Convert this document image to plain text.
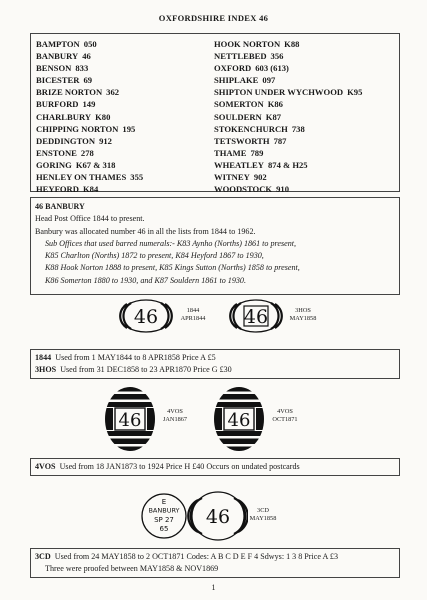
OXFORDSHIRE INDEX 46
BAMPTON 050
BANBURY 46
BENSON 833
BICESTER 69
BRIZE NORTON 362
BURFORD 149
CHARLBURY K80
CHIPPING NORTON 195
DEDDINGTON 912
ENSTONE 278
GORING K67 & 318
HENLEY ON THAMES 355
HEYFORD K84
HOOK NORTON K88
NETTLEBED 356
OXFORD 603 (613)
SHIPLAKE 097
SHIPTON UNDER WYCHWOOD K95
SOMERTON K86
SOULDERN K87
STOKENCHURCH 738
TETSWORTH 787
THAME 789
WHEATLEY 874 & H25
WITNEY 902
WOODSTOCK 910
46 BANBURY
Head Post Office 1844 to present.
Banbury was allocated number 46 in all the lists from 1844 to 1962.
Sub Offices that used barred numerals:- K83 Aynho (Norths) 1861 to present,
K85 Charlton (Norths) 1872 to present, K84 Heyford 1867 to 1930,
K88 Hook Norton 1888 to present, K85 Kings Sutton (Norths) 1858 to present,
K86 Somerton 1880 to 1930, and K87 Souldern 1861 to 1930.
46	1844
APR1844 46	3HOS
MAY1858
1844 Used from 1 MAY1844 to 8 APR1858 Price A £5
3HOS Used from 31 DEC1858 to 23 APR1870 Price G £30
46	4VOS
JAN1867 46	4VOS
OCT1871
4VOS Used from 18 JAN1873 to 1924 Price H £40 Occurs on undated postcards
E
BANBURY
SP 27
65
46	3CD
MAY1858
3CD Used from 24 MAY1858 to 2 OCT1871 Codes: A B C D E F 4 Sdwys: 1 3 8 Price A £3
Three were proofed between MAY1858 & NOV1869
1
